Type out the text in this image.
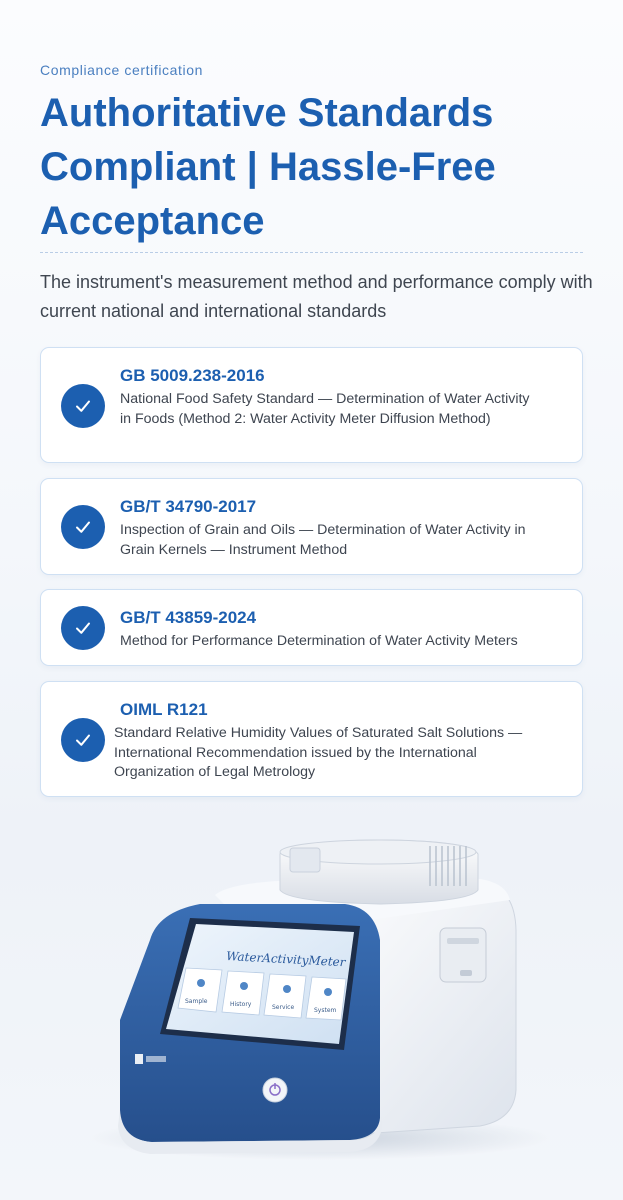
Compliance certification
Authoritative Standards Compliant | Hassle-Free Acceptance

The instrument's measurement method and performance comply with current national and international standards

GB 5009.238-2016
National Food Safety Standard — Determination of Water Activity in Foods (Method 2: Water Activity Meter Diffusion Method)
GB/T 34790-2017
Inspection of Grain and Oils — Determination of Water Activity in Grain Kernels — Instrument Method
GB/T 43859-2024
Method for Performance Determination of Water Activity Meters
OIML R121
Standard Relative Humidity Values of Saturated Salt Solutions — International Recommendation issued by the International Organization of Legal Metrology
WaterActivityMeter
Sample	History	Service	System
